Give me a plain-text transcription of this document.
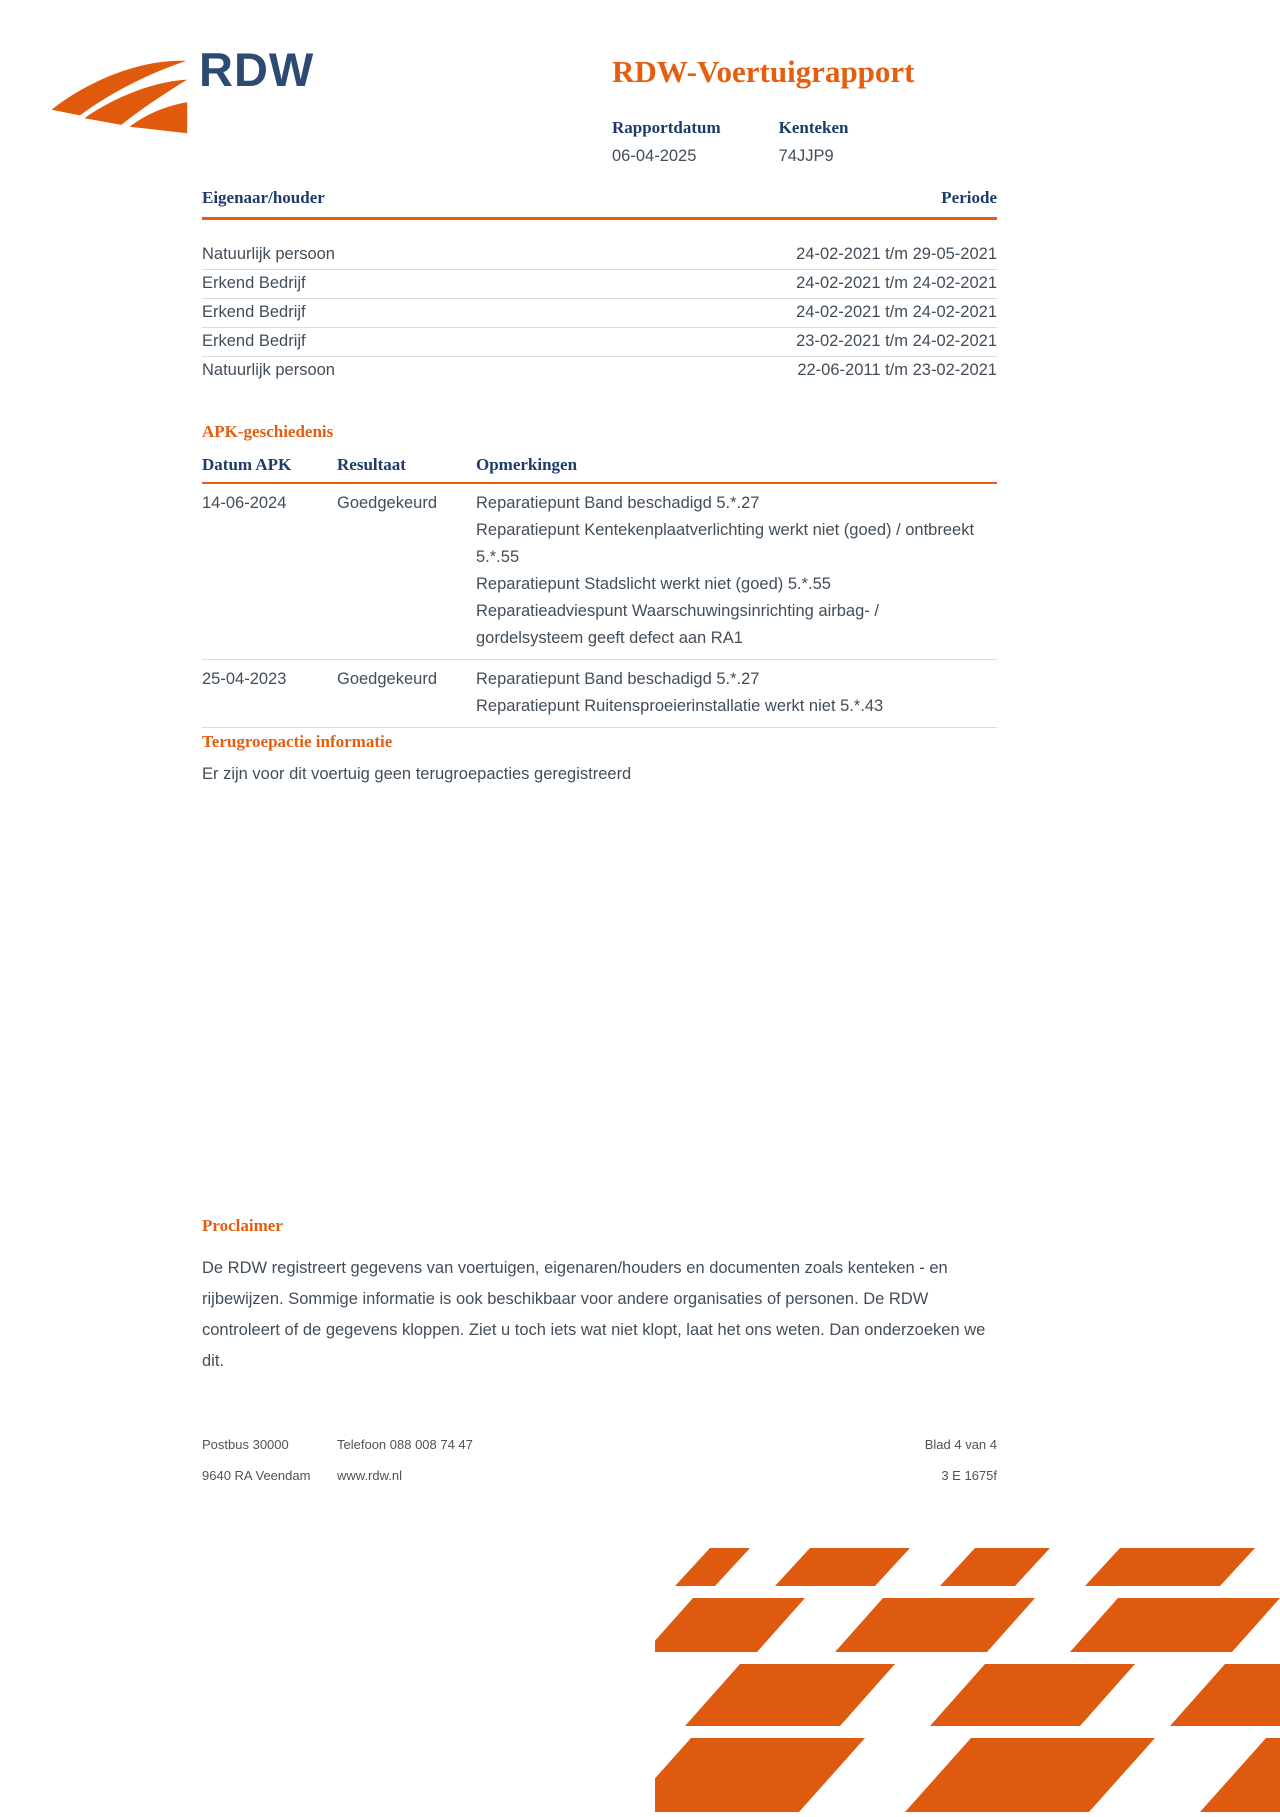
RDW	RDW-Voertuigrapport
Rapportdatum
06-04-2025
Kenteken
74JJP9
Eigenaar/houder	Periode
Natuurlijk persoon	24-02-2021 t/m 29-05-2021
Erkend Bedrijf	24-02-2021 t/m 24-02-2021
Erkend Bedrijf	24-02-2021 t/m 24-02-2021
Erkend Bedrijf	23-02-2021 t/m 24-02-2021
Natuurlijk persoon	22-06-2011 t/m 23-02-2021
APK-geschiedenis
Datum APK	Resultaat	Opmerkingen
14-06-2024	Goedgekeurd	Reparatiepunt Band beschadigd 5.*.27
Reparatiepunt Kentekenplaatverlichting werkt niet (goed) / ontbreekt 5.*.55
Reparatiepunt Stadslicht werkt niet (goed) 5.*.55
Reparatieadviespunt Waarschuwingsinrichting airbag- / gordelsysteem geeft defect aan RA1
25-04-2023	Goedgekeurd	Reparatiepunt Band beschadigd 5.*.27
Reparatiepunt Ruitensproeierinstallatie werkt niet 5.*.43
Terugroepactie informatie
Er zijn voor dit voertuig geen terugroepacties geregistreerd
Proclaimer
De RDW registreert gegevens van voertuigen, eigenaren/houders en documenten zoals kenteken - en rijbewijzen. Sommige informatie is ook beschikbaar voor andere organisaties of personen. De RDW controleert of de gegevens kloppen. Ziet u toch iets wat niet klopt, laat het ons weten. Dan onderzoeken we dit.
Postbus 30000	Telefoon 088 008 74 47	Blad 4 van 4
9640 RA Veendam	www.rdw.nl	3 E 1675f
